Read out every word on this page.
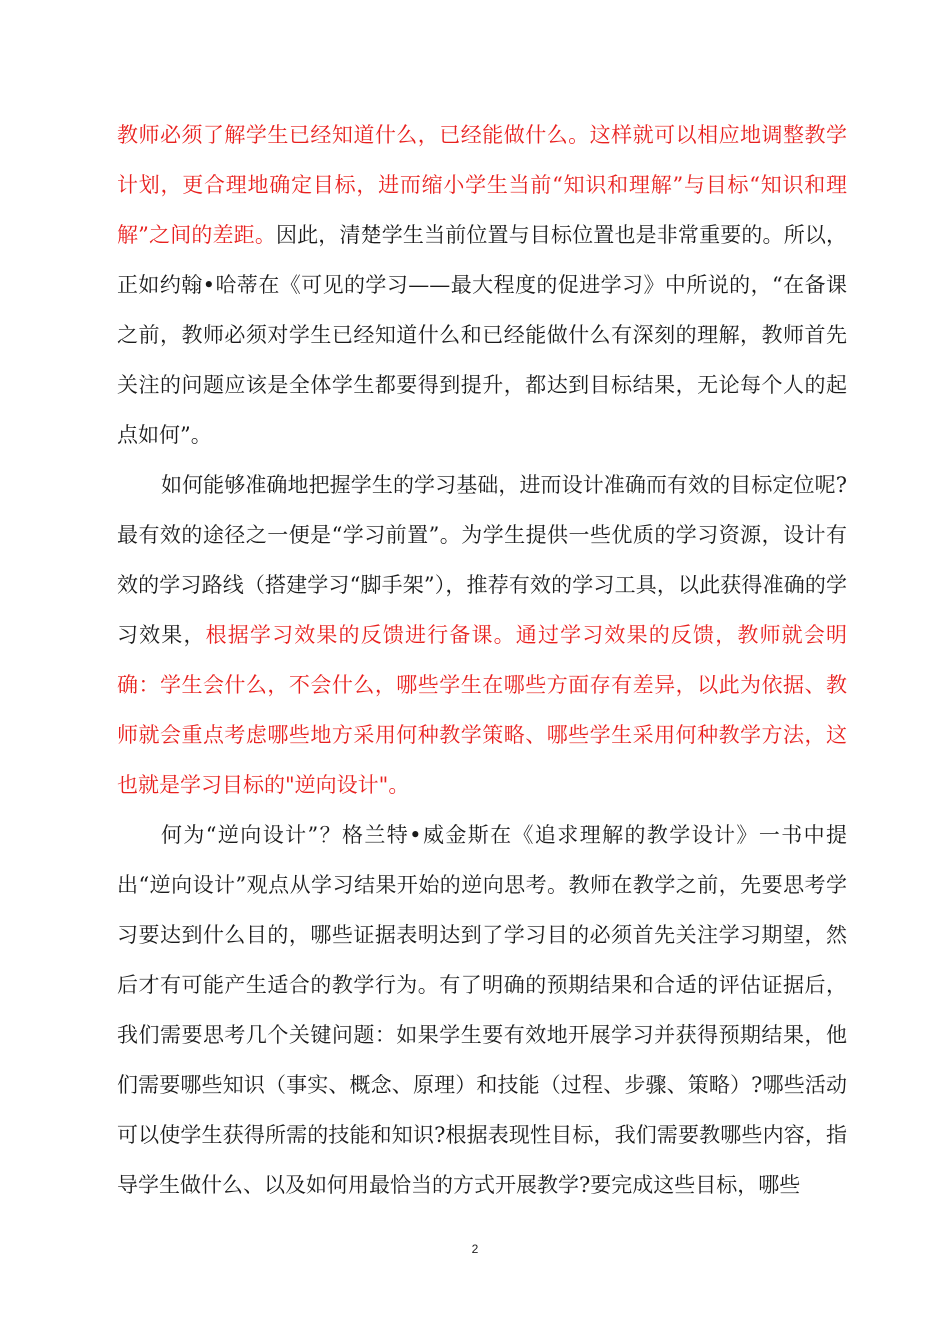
教师必须了解学生已经知道什么，已经能做什么。这样就可以相应地调整教学计划，更合理地确定目标，进而缩小学生当前“知识和理解”与目标“知识和理解”之间的差距。因此，清楚学生当前位置与目标位置也是非常重要的。所以，正如约翰•哈蒂在《可见的学习——最大程度的促进学习》中所说的，“在备课之前，教师必须对学生已经知道什么和已经能做什么有深刻的理解，教师首先关注的问题应该是全体学生都要得到提升，都达到目标结果，无论每个人的起点如何”。

如何能够准确地把握学生的学习基础，进而设计准确而有效的目标定位呢?最有效的途径之一便是“学习前置”。为学生提供一些优质的学习资源，设计有效的学习路线（搭建学习“脚手架”），推荐有效的学习工具，以此获得准确的学习效果，根据学习效果的反馈进行备课。通过学习效果的反馈，教师就会明确：学生会什么，不会什么，哪些学生在哪些方面存有差异，以此为依据、教师就会重点考虑哪些地方采用何种教学策略、哪些学生采用何种教学方法，这也就是学习目标的"逆向设计"。

何为“逆向设计”？格兰特•威金斯在《追求理解的教学设计》一书中提出“逆向设计”观点从学习结果开始的逆向思考。教师在教学之前，先要思考学习要达到什么目的，哪些证据表明达到了学习目的必须首先关注学习期望，然后才有可能产生适合的教学行为。有了明确的预期结果和合适的评估证据后，我们需要思考几个关键问题：如果学生要有效地开展学习并获得预期结果，他们需要哪些知识（事实、概念、原理）和技能（过程、步骤、策略）?哪些活动可以使学生获得所需的技能和知识?根据表现性目标，我们需要教哪些内容，指导学生做什么、以及如何用最恰当的方式开展教学?要完成这些目标，哪些

2
